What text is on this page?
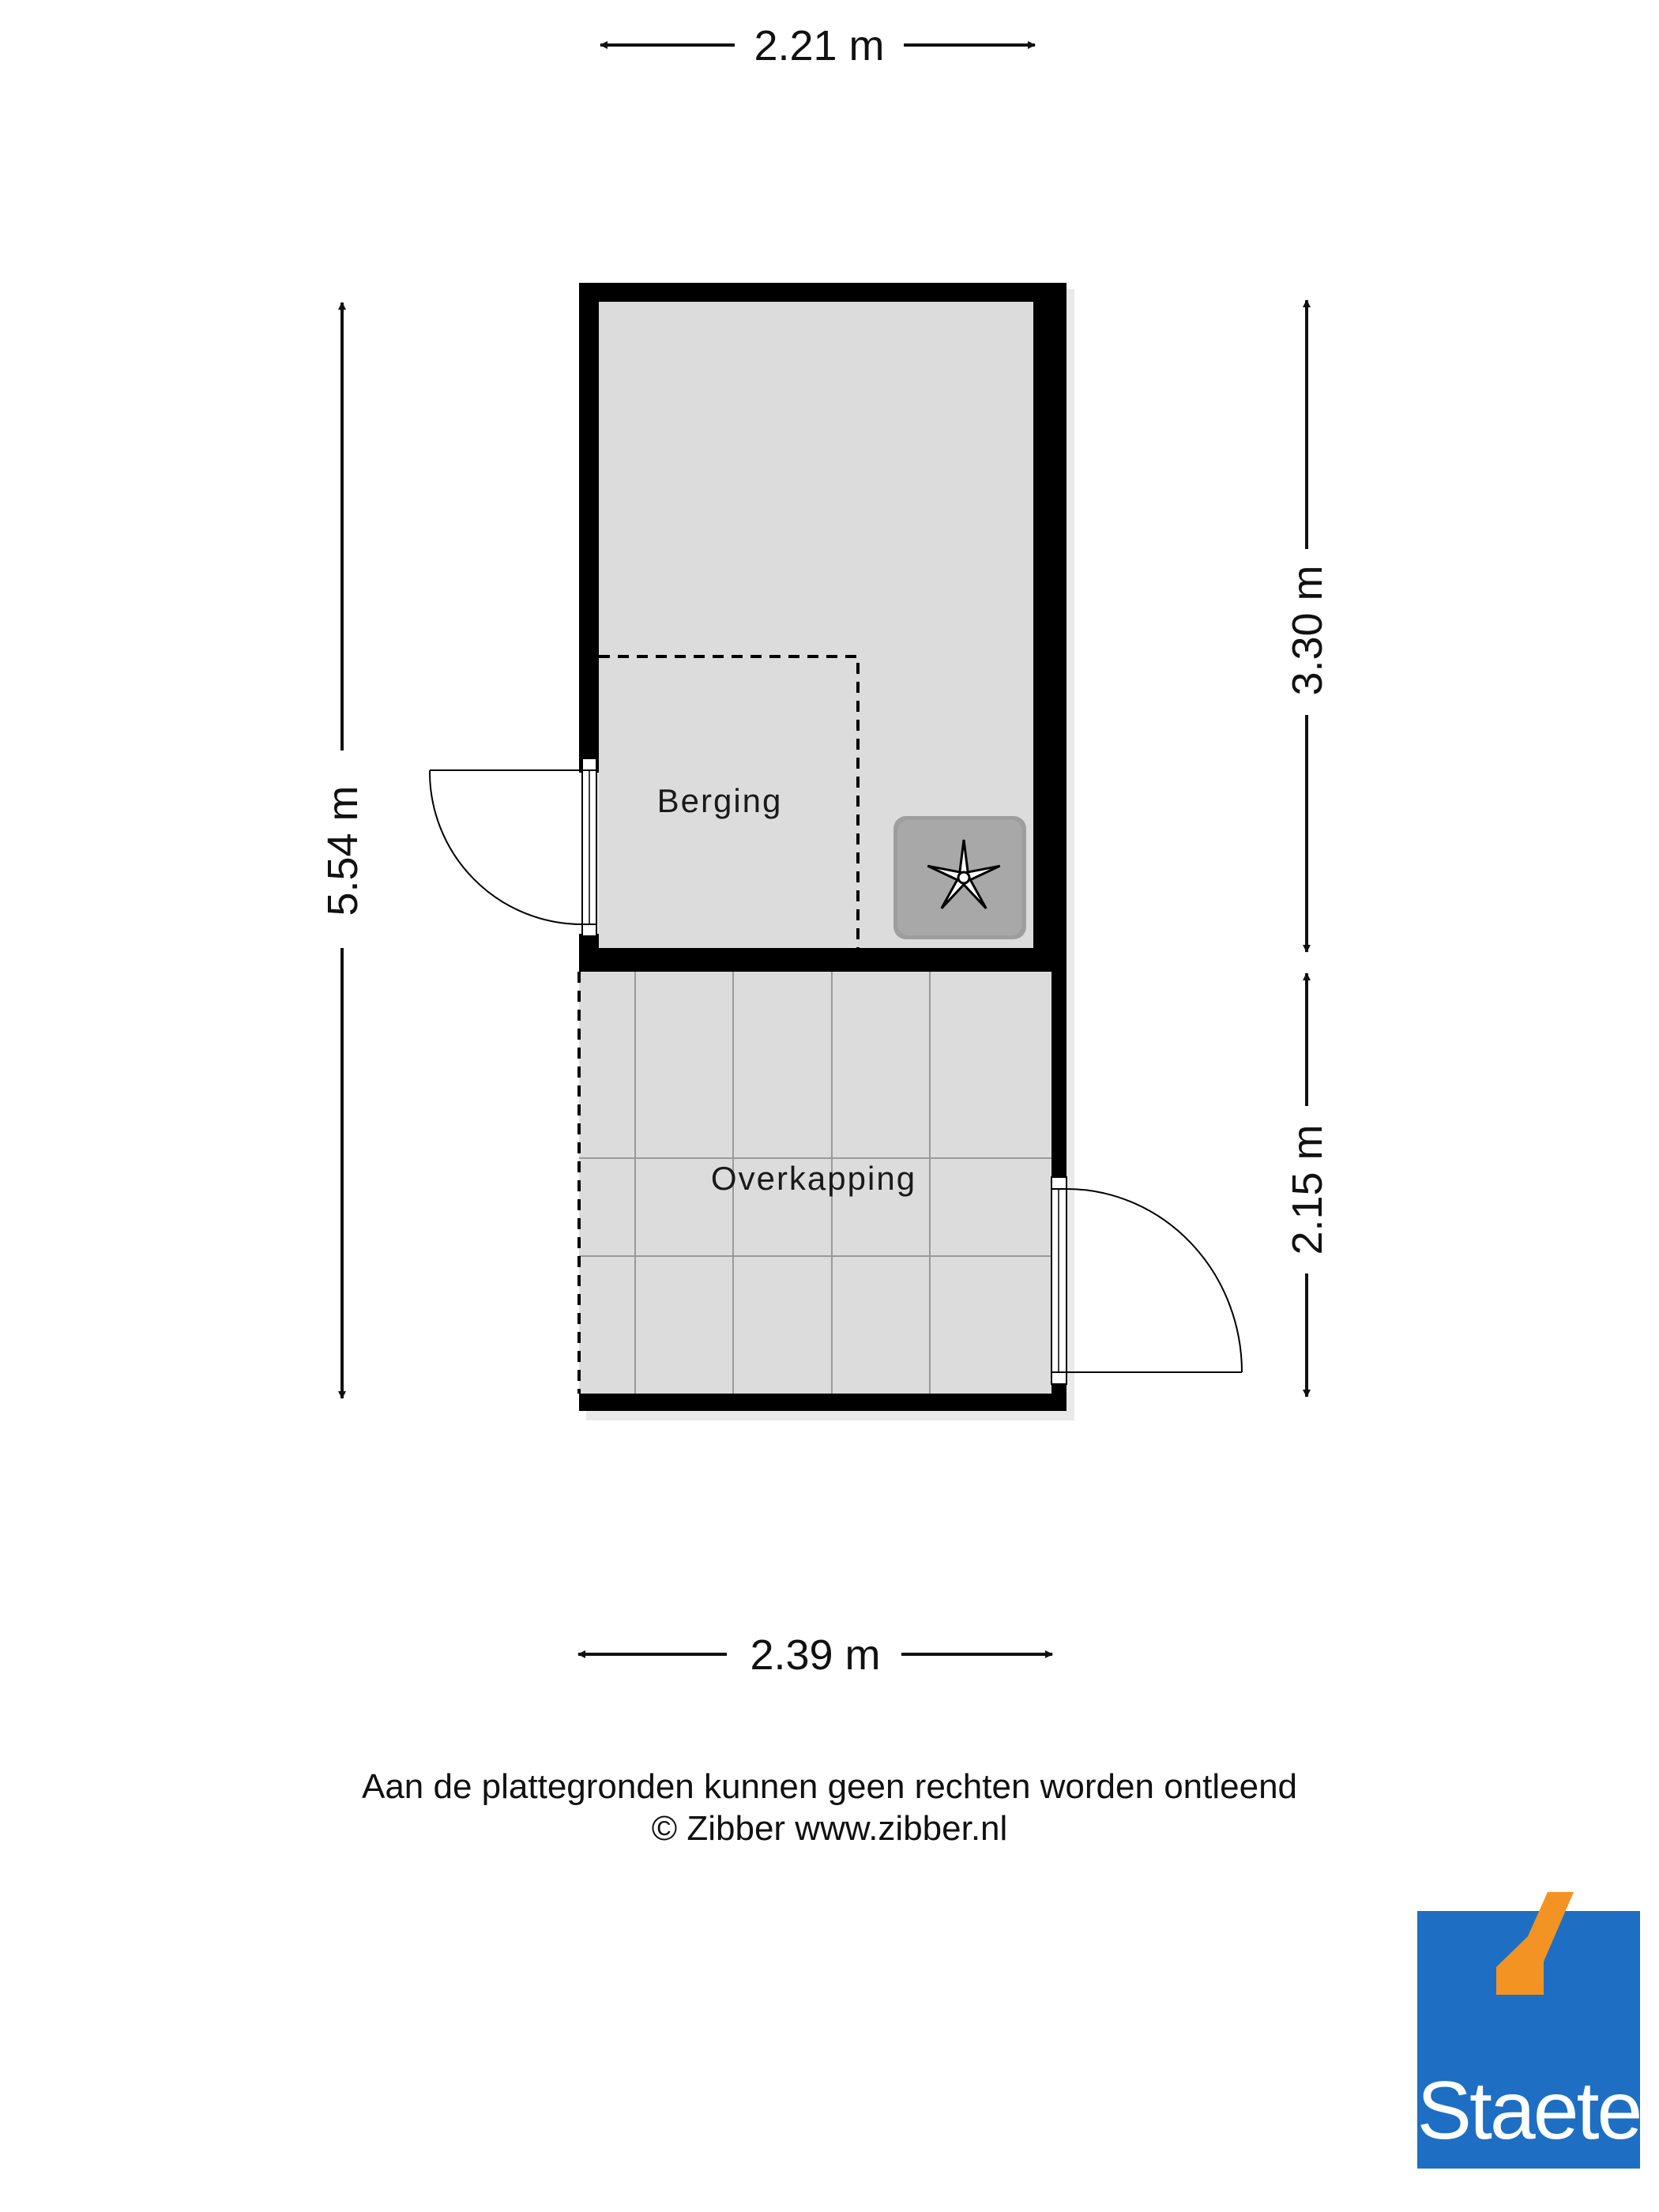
2.21 m
2.39 m
5.54 m
3.30 m
2.15 m
Berging
Overkapping
Aan de plattegronden kunnen geen rechten worden ontleend
© Zibber www.zibber.nl
Staete
